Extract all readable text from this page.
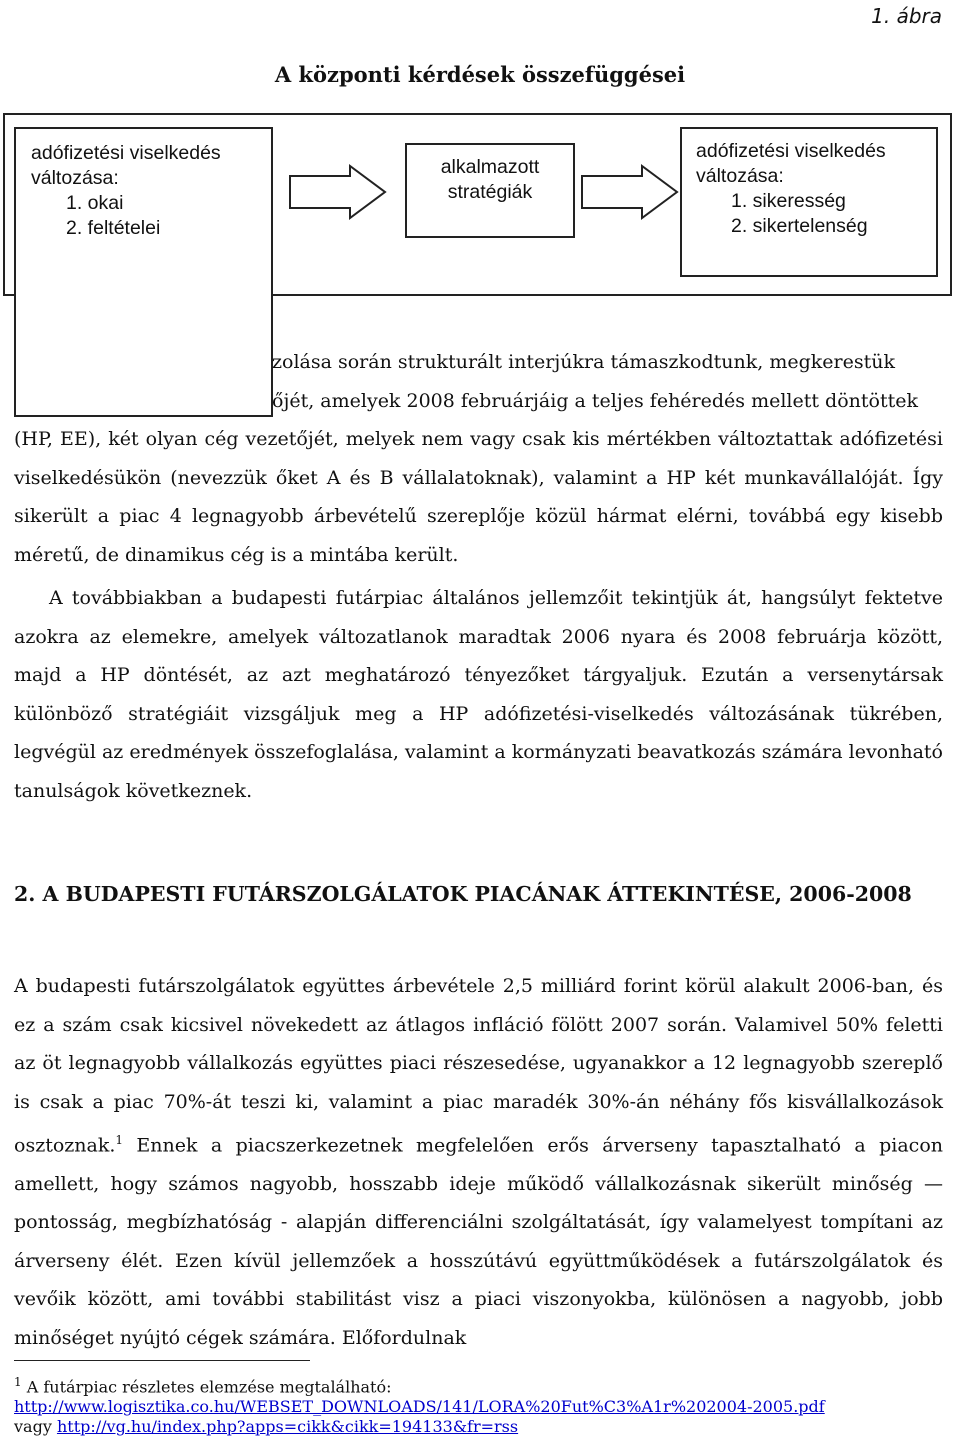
1. ábra
A központi kérdések összefüggései
adófizetési viselkedés változása:
1. okai
2. feltételei
alkalmazott
stratégiák
adófizetési viselkedés változása:
1. sikeresség
2. sikertelenség
zolása során strukturált interjúkra támaszkodtunk, megkerestük
őjét, amelyek 2008 februárjáig a teljes fehéredés mellett döntöttek
(HP, EE), két olyan cég vezetőjét, melyek nem vagy csak kis mértékben változtattak adófizetési viselkedésükön (nevezzük őket A és B vállalatoknak), valamint a HP két munkavállalóját. Így sikerült a piac 4 legnagyobb árbevételű szereplője közül hármat elérni, továbbá egy kisebb méretű, de dinamikus cég is a mintába került.

A továbbiakban a budapesti futárpiac általános jellemzőit tekintjük át, hangsúlyt fektetve azokra az elemekre, amelyek változatlanok maradtak 2006 nyara és 2008 februárja között, majd a HP döntését, az azt meghatározó tényezőket tárgyaljuk. Ezután a versenytársak különböző stratégiáit vizsgáljuk meg a HP adófizetési-viselkedés változásának tükrében, legvégül az eredmények összefoglalása, valamint a kormányzati beavatkozás számára levonható tanulságok következnek.

2. A BUDAPESTI FUTÁRSZOLGÁLATOK PIACÁNAK ÁTTEKINTÉSE, 2006-2008

A budapesti futárszolgálatok együttes árbevétele 2,5 milliárd forint körül alakult 2006-ban, és ez a szám csak kicsivel növekedett az átlagos infláció fölött 2007 során. Valamivel 50% feletti az öt legnagyobb vállalkozás együttes piaci részesedése, ugyanakkor a 12 legnagyobb szereplő is csak a piac 70%-át teszi ki, valamint a piac maradék 30%-án néhány fős kisvállalkozások osztoznak.$^1$ Ennek a piacszerkezetnek megfelelően erős árverseny tapasztalható a piacon amellett, hogy számos nagyobb, hosszabb ideje működő vállalkozásnak sikerült minőség — pontosság, megbízhatóság - alapján differenciálni szolgáltatását, így valamelyest tompítani az árverseny élét. Ezen kívül jellemzőek a hosszútávú együttműködések a futárszolgálatok és vevőik között, ami további stabilitást visz a piaci viszonyokba, különösen a nagyobb, jobb minőséget nyújtó cégek számára. Előfordulnak

$^1$ A futárpiac részletes elemzése megtalálható:
http://www.logisztika.co.hu/WEBSET_DOWNLOADS/141/LORA%20Fut%C3%A1r%202004-2005.pdf
vagy http://vg.hu/index.php?apps=cikk&cikk=194133&fr=rss
